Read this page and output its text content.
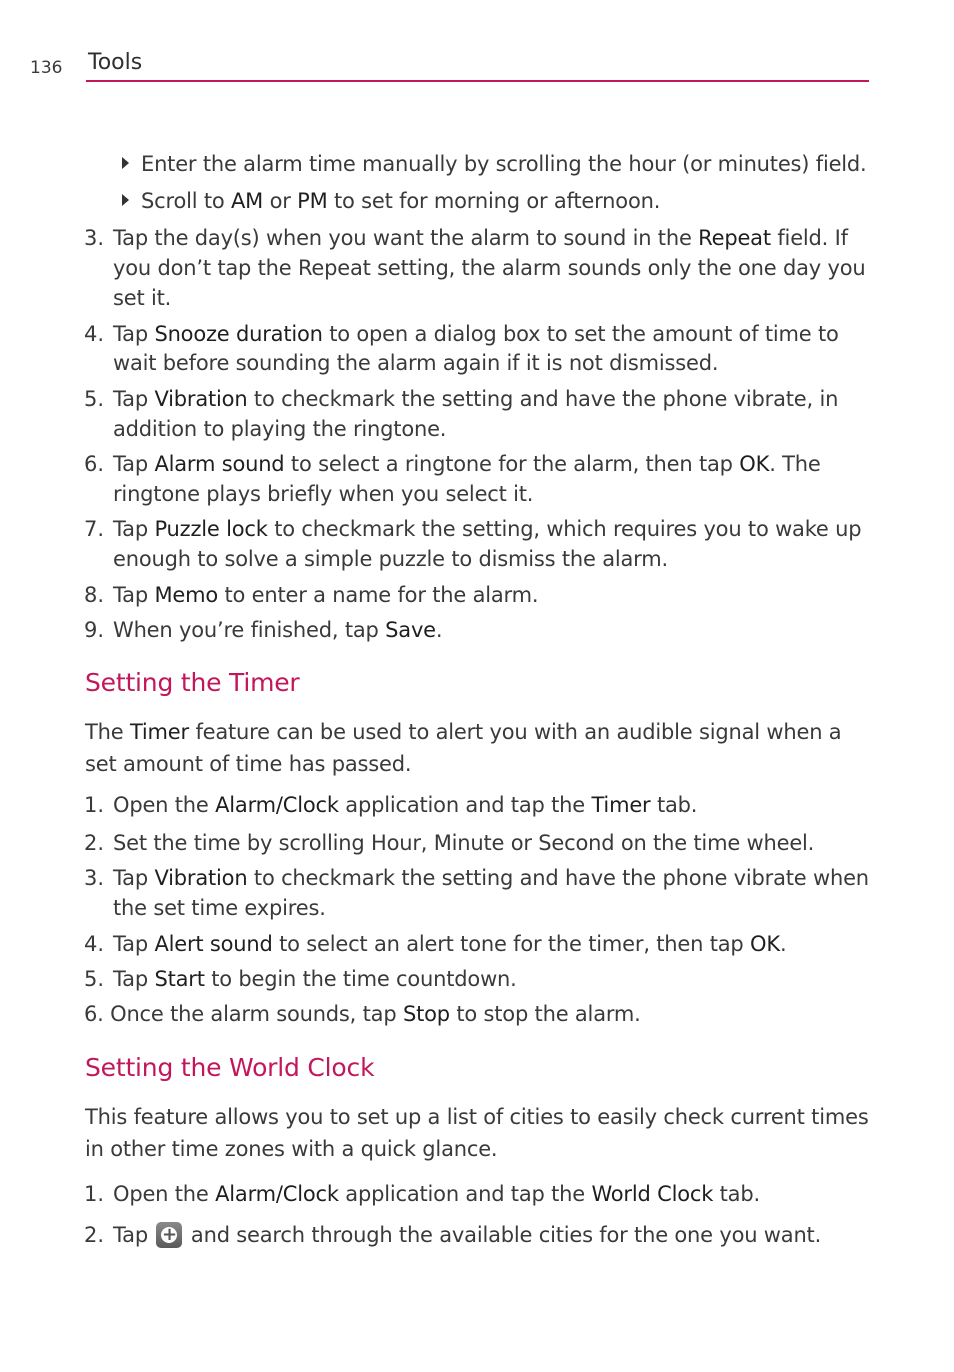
136 Tools
Enter the alarm time manually by scrolling the hour (or minutes) field.
Scroll to AM or PM to set for morning or afternoon.
3. Tap the day(s) when you want the alarm to sound in the Repeat field. If
you don’t tap the Repeat setting, the alarm sounds only the one day you
set it.
4. Tap Snooze duration to open a dialog box to set the amount of time to
wait before sounding the alarm again if it is not dismissed.
5. Tap Vibration to checkmark the setting and have the phone vibrate, in
addition to playing the ringtone.
6. Tap Alarm sound to select a ringtone for the alarm, then tap OK. The
ringtone plays briefly when you select it.
7. Tap Puzzle lock to checkmark the setting, which requires you to wake up
enough to solve a simple puzzle to dismiss the alarm.
8. Tap Memo to enter a name for the alarm.
9. When you’re finished, tap Save.
Setting the Timer
The Timer feature can be used to alert you with an audible signal when a
set amount of time has passed.
1. Open the Alarm/Clock application and tap the Timer tab.
2. Set the time by scrolling Hour, Minute or Second on the time wheel.
3. Tap Vibration to checkmark the setting and have the phone vibrate when
the set time expires.
4. Tap Alert sound to select an alert tone for the timer, then tap OK.
5. Tap Start to begin the time countdown.
6. Once the alarm sounds, tap Stop to stop the alarm.
Setting the World Clock
This feature allows you to set up a list of cities to easily check current times
in other time zones with a quick glance.
1. Open the Alarm/Clock application and tap the World Clock tab.
2. Tap + and search through the available cities for the one you want.
